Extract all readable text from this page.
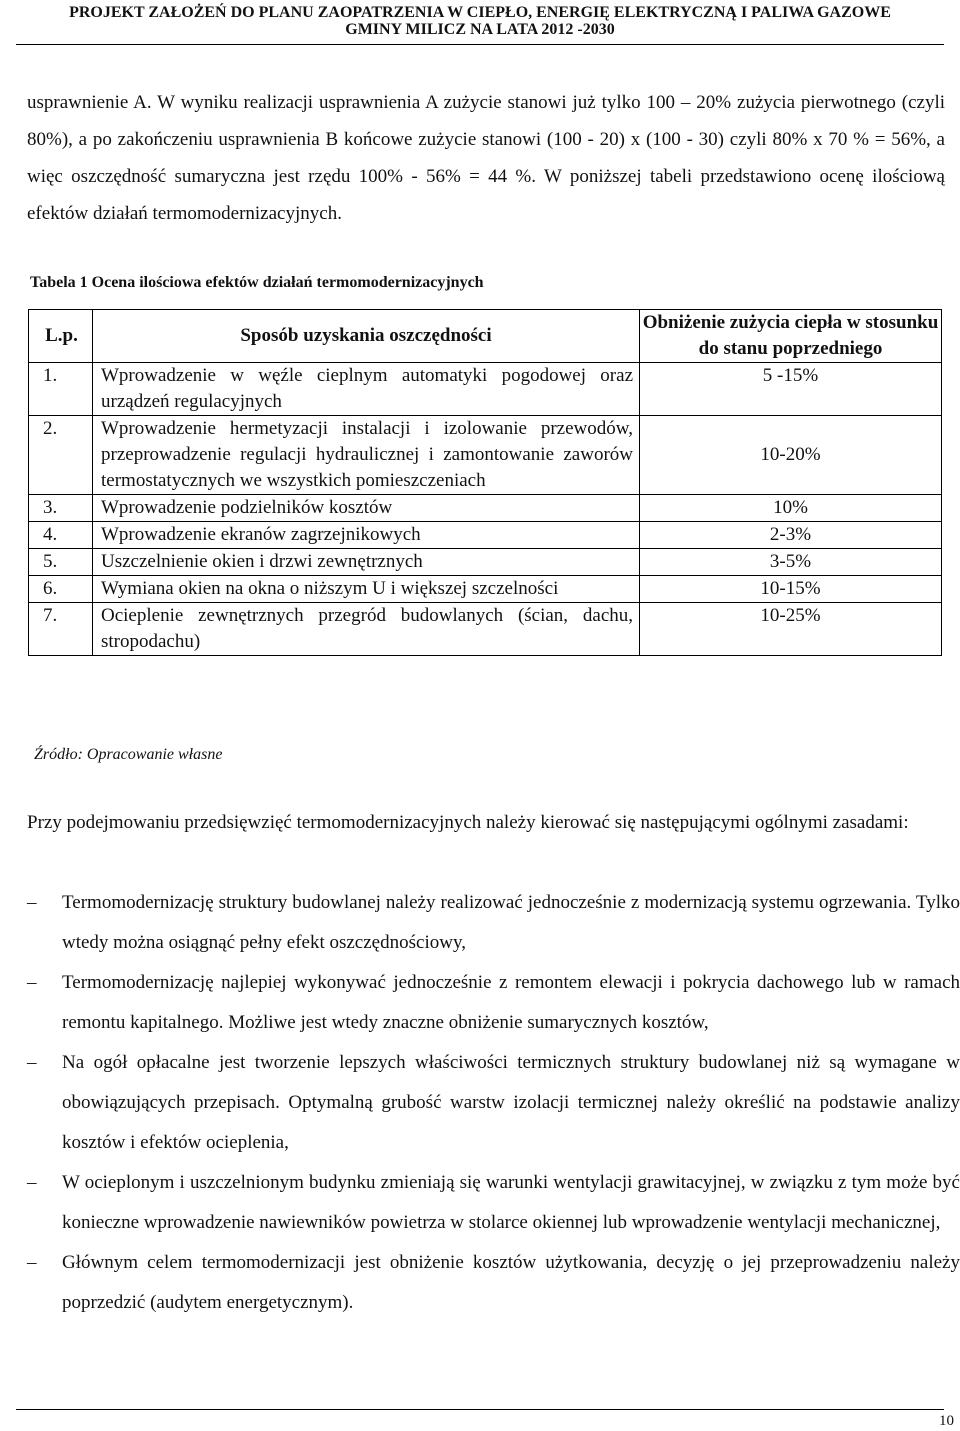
PROJEKT ZAŁOŻEŃ DO PLANU ZAOPATRZENIA W CIEPŁO, ENERGIĘ ELEKTRYCZNĄ I PALIWA GAZOWE
GMINY MILICZ NA LATA 2012 -2030
usprawnienie A. W wyniku realizacji usprawnienia A zużycie stanowi już tylko 100 – 20% zużycia pierwotnego (czyli 80%), a po zakończeniu usprawnienia B końcowe zużycie stanowi (100 - 20) x (100 - 30) czyli 80% x 70 % = 56%, a więc oszczędność sumaryczna jest rzędu 100% - 56% = 44 %. W poniższej tabeli przedstawiono ocenę ilościową efektów działań termomodernizacyjnych.
Tabela 1 Ocena ilościowa efektów działań termomodernizacyjnych
L.p.	Sposób uzyskania oszczędności	Obniżenie zużycia ciepła w stosunku do stanu poprzedniego
1.	Wprowadzenie w węźle cieplnym automatyki pogodowej oraz urządzeń regulacyjnych	5 -15%
2.	Wprowadzenie hermetyzacji instalacji i izolowanie przewodów, przeprowadzenie regulacji hydraulicznej i zamontowanie zaworów termostatycznych we wszystkich pomieszczeniach	10-20%
3.	Wprowadzenie podzielników kosztów	10%
4.	Wprowadzenie ekranów zagrzejnikowych	2-3%
5.	Uszczelnienie okien i drzwi zewnętrznych	3-5%
6.	Wymiana okien na okna o niższym U i większej szczelności	10-15%
7.	Ocieplenie zewnętrznych przegród budowlanych (ścian, dachu, stropodachu)	10-25%
Źródło: Opracowanie własne
Przy podejmowaniu przedsięwzięć termomodernizacyjnych należy kierować się następującymi ogólnymi zasadami:
– Termomodernizację struktury budowlanej należy realizować jednocześnie z modernizacją systemu ogrzewania. Tylko wtedy można osiągnąć pełny efekt oszczędnościowy,
– Termomodernizację najlepiej wykonywać jednocześnie z remontem elewacji i pokrycia dachowego lub w ramach remontu kapitalnego. Możliwe jest wtedy znaczne obniżenie sumarycznych kosztów,
– Na ogół opłacalne jest tworzenie lepszych właściwości termicznych struktury budowlanej niż są wymagane w obowiązujących przepisach. Optymalną grubość warstw izolacji termicznej należy określić na podstawie analizy kosztów i efektów ocieplenia,
– W ocieplonym i uszczelnionym budynku zmieniają się warunki wentylacji grawitacyjnej, w związku z tym może być konieczne wprowadzenie nawiewników powietrza w stolarce okiennej lub wprowadzenie wentylacji mechanicznej,
– Głównym celem termomodernizacji jest obniżenie kosztów użytkowania, decyzję o jej przeprowadzeniu należy poprzedzić (audytem energetycznym).
10
